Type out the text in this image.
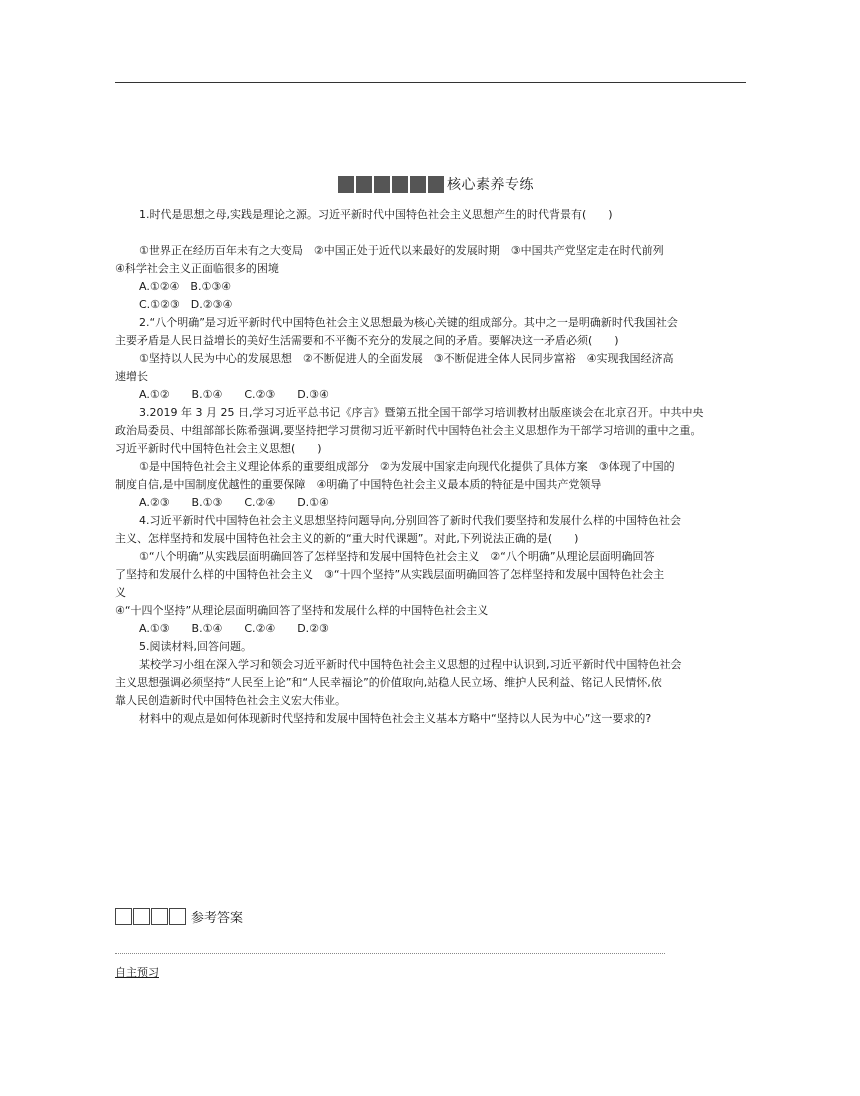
核心素养专练

1.时代是思想之母,实践是理论之源。习近平新时代中国特色社会主义思想产生的时代背景有(　　)

①世界正在经历百年未有之大变局　②中国正处于近代以来最好的发展时期　③中国共产党坚定走在时代前列

④科学社会主义正面临很多的困境

A.①②④　B.①③④

C.①②③　D.②③④

2.“八个明确”是习近平新时代中国特色社会主义思想最为核心关键的组成部分。其中之一是明确新时代我国社会

主要矛盾是人民日益增长的美好生活需要和不平衡不充分的发展之间的矛盾。要解决这一矛盾必须(　　)

①坚持以人民为中心的发展思想　②不断促进人的全面发展　③不断促进全体人民同步富裕　④实现我国经济高

速增长

A.①②　　B.①④　　C.②③　　D.③④

3.2019 年 3 月 25 日,学习习近平总书记《序言》暨第五批全国干部学习培训教材出版座谈会在北京召开。中共中央

政治局委员、中组部部长陈希强调,要坚持把学习贯彻习近平新时代中国特色社会主义思想作为干部学习培训的重中之重。

习近平新时代中国特色社会主义思想(　　)

①是中国特色社会主义理论体系的重要组成部分　②为发展中国家走向现代化提供了具体方案　③体现了中国的

制度自信,是中国制度优越性的重要保障　④明确了中国特色社会主义最本质的特征是中国共产党领导

A.②③　　B.①③　　C.②④　　D.①④

4.习近平新时代中国特色社会主义思想坚持问题导向,分别回答了新时代我们要坚持和发展什么样的中国特色社会

主义、怎样坚持和发展中国特色社会主义的新的“重大时代课题”。对此,下列说法正确的是(　　)

①“八个明确”从实践层面明确回答了怎样坚持和发展中国特色社会主义　②“八个明确”从理论层面明确回答

了坚持和发展什么样的中国特色社会主义　③“十四个坚持”从实践层面明确回答了怎样坚持和发展中国特色社会主

义

④“十四个坚持”从理论层面明确回答了坚持和发展什么样的中国特色社会主义

A.①③　　B.①④　　C.②④　　D.②③

5.阅读材料,回答问题。

某校学习小组在深入学习和领会习近平新时代中国特色社会主义思想的过程中认识到,习近平新时代中国特色社会

主义思想强调必须坚持“人民至上论”和“人民幸福论”的价值取向,站稳人民立场、维护人民利益、铭记人民情怀,依

靠人民创造新时代中国特色社会主义宏大伟业。

材料中的观点是如何体现新时代坚持和发展中国特色社会主义基本方略中“坚持以人民为中心”这一要求的?

参考答案
自主预习
